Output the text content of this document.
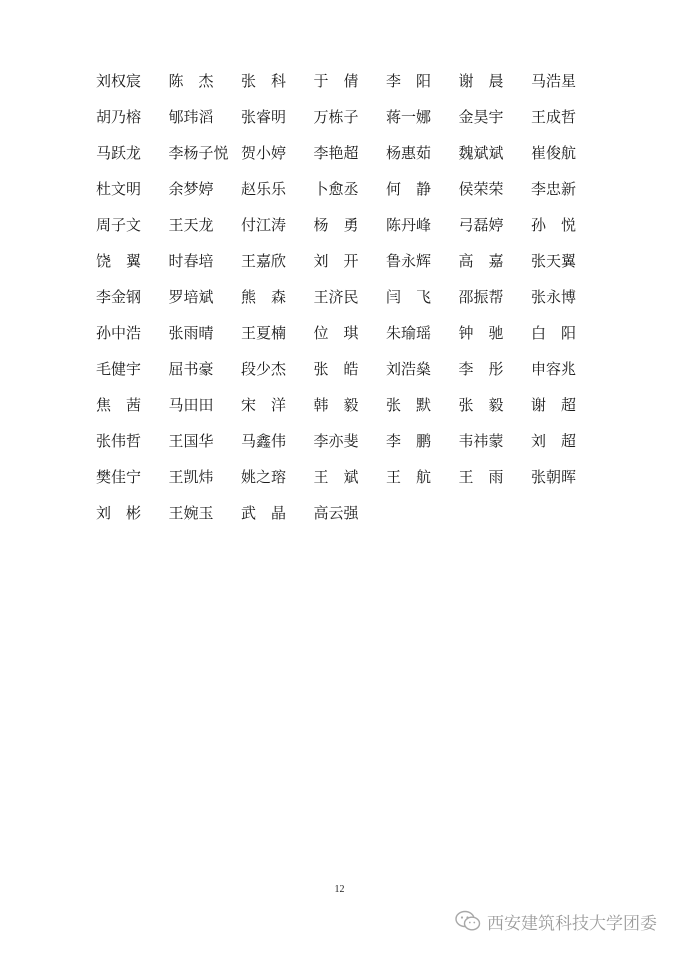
刘权宸 陈　杰 张　科 于　倩 李　阳 谢　晨 马浩星
胡乃榕 郇玮滔 张睿明 万栋子 蒋一娜 金昊宇 王成哲
马跃龙 李杨子悦 贺小婷 李艳超 杨惠茹 魏斌斌 崔俊航
杜文明 余梦婷 赵乐乐 卜愈丞 何　静 侯荣荣 李忠新
周子文 王天龙 付江涛 杨　勇 陈丹峰 弓磊婷 孙　悦
饶　翼 时春培 王嘉欣 刘　开 鲁永辉 高　嘉 张天翼
李金钢 罗培斌 熊　森 王济民 闫　飞 邵振帮 张永博
孙中浩 张雨晴 王夏楠 位　琪 朱瑜瑶 钟　驰 白　阳
毛健宇 屈书豪 段少杰 张　皓 刘浩燊 李　彤 申容兆
焦　茜 马田田 宋　洋 韩　毅 张　默 张　毅 谢　超
张伟哲 王国华 马鑫伟 李亦斐 李　鹏 韦祎蒙 刘　超
樊佳宁 王凯炜 姚之瑢 王　斌 王　航 王　雨 张朝晖
刘　彬 王婉玉 武　晶 高云强
12
西安建筑科技大学团委
